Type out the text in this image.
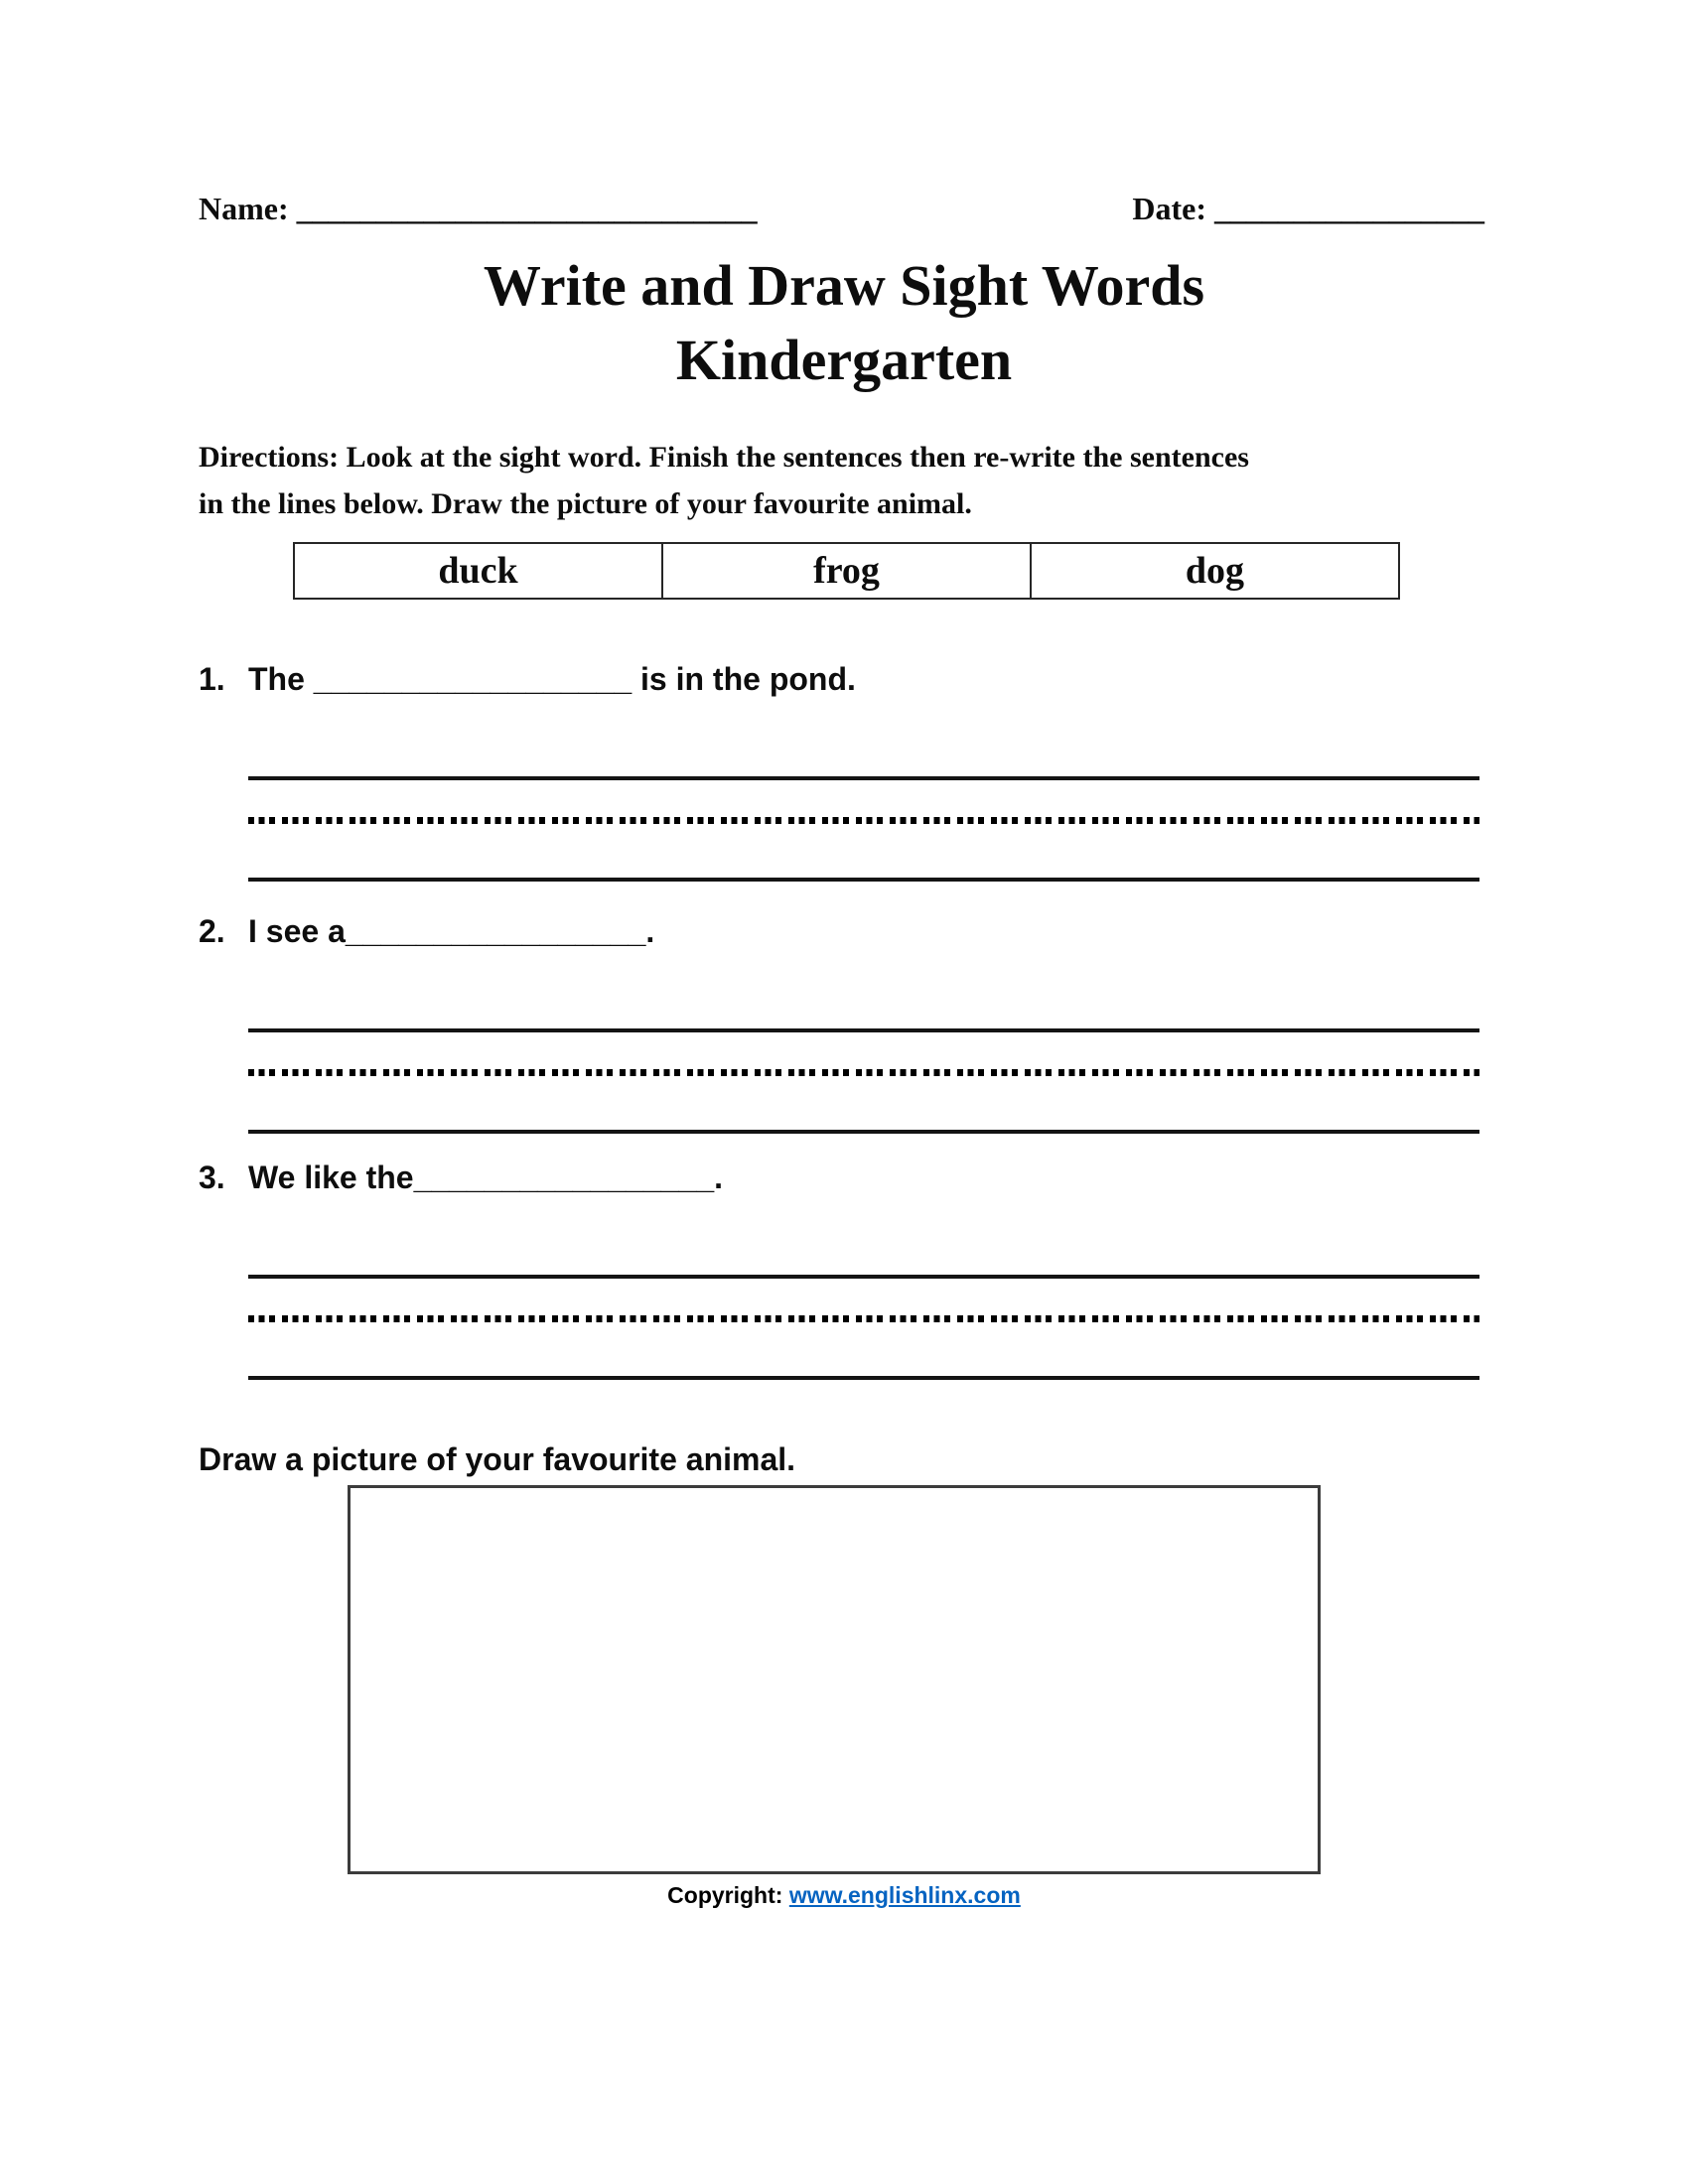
Name: _____________________________	Date: _________________
Write and Draw Sight Words
Kindergarten
Directions: Look at the sight word. Finish the sentences then re-write the sentences
in the lines below. Draw the picture of your favourite animal.
duck	frog	dog
1. The __________________ is in the pond.
2. I see a_________________.
3. We like the_________________.
Draw a picture of your favourite animal.
Copyright: www.englishlinx.com
